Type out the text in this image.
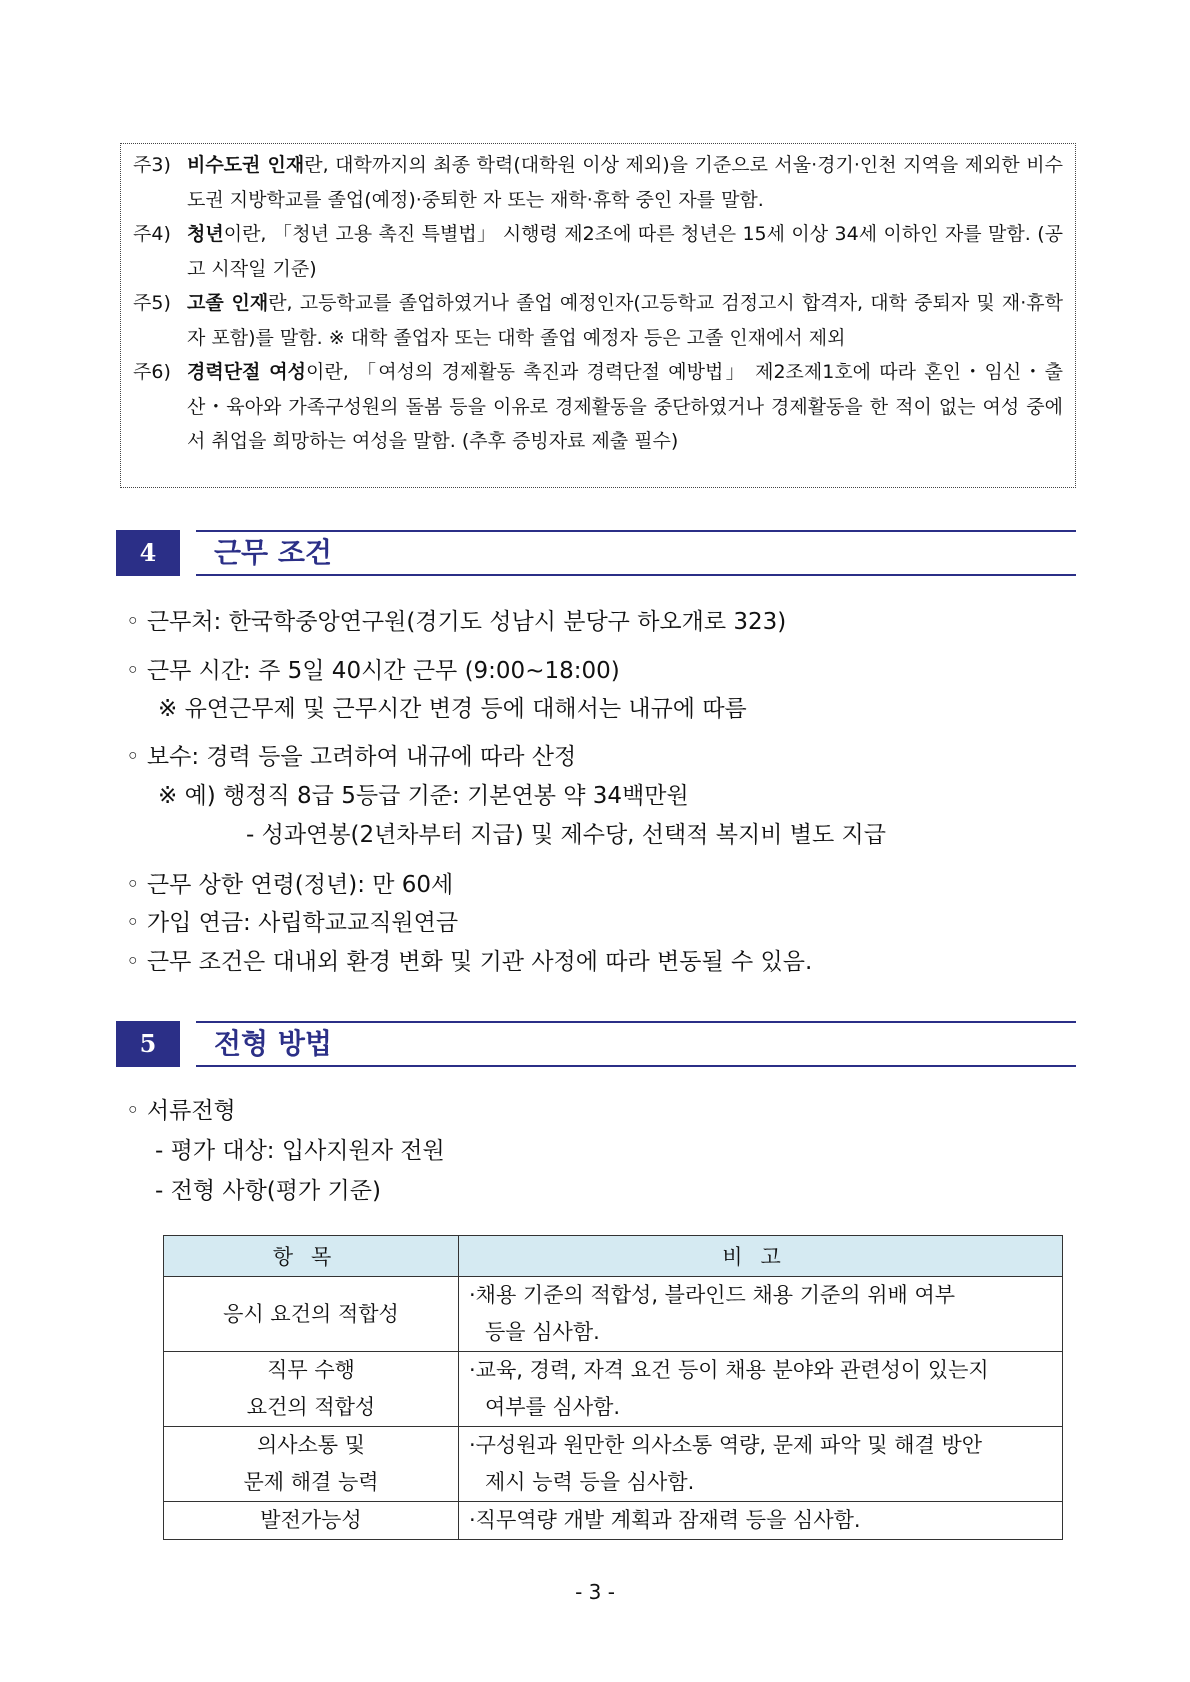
주3) 비수도권 인재란, 대학까지의 최종 학력(대학원 이상 제외)을 기준으로 서울·경기·인천 지역을 제외한 비수도권 지방학교를 졸업(예정)·중퇴한 자 또는 재학·휴학 중인 자를 말함.
주4) 청년이란, 「청년 고용 촉진 특별법」 시행령 제2조에 따른 청년은 15세 이상 34세 이하인 자를 말함. (공고 시작일 기준)
주5) 고졸 인재란, 고등학교를 졸업하였거나 졸업 예정인자(고등학교 검정고시 합격자, 대학 중퇴자 및 재·휴학자 포함)를 말함. ※ 대학 졸업자 또는 대학 졸업 예정자 등은 고졸 인재에서 제외
주6) 경력단절 여성이란, 「여성의 경제활동 촉진과 경력단절 예방법」 제2조제1호에 따라 혼인・임신・출산・육아와 가족구성원의 돌봄 등을 이유로 경제활동을 중단하였거나 경제활동을 한 적이 없는 여성 중에서 취업을 희망하는 여성을 말함. (추후 증빙자료 제출 필수)
4	근무 조건
◦ 근무처: 한국학중앙연구원(경기도 성남시 분당구 하오개로 323)
◦ 근무 시간: 주 5일 40시간 근무 (9:00~18:00)
※ 유연근무제 및 근무시간 변경 등에 대해서는 내규에 따름
◦ 보수: 경력 등을 고려하여 내규에 따라 산정
※ 예) 행정직 8급 5등급 기준: 기본연봉 약 34백만원
- 성과연봉(2년차부터 지급) 및 제수당, 선택적 복지비 별도 지급
◦ 근무 상한 연령(정년): 만 60세
◦ 가입 연금: 사립학교교직원연금
◦ 근무 조건은 대내외 환경 변화 및 기관 사정에 따라 변동될 수 있음.
5	전형 방법
◦ 서류전형
- 평가 대상: 입사지원자 전원
- 전형 사항(평가 기준)
항목	비고
응시 요건의 적합성	·채용 기준의 적합성, 블라인드 채용 기준의 위배 여부
등을 심사함.

직무 수행
요건의 적합성	·교육, 경력, 자격 요건 등이 채용 분야와 관련성이 있는지
여부를 심사함.

의사소통 및
문제 해결 능력	·구성원과 원만한 의사소통 역량, 문제 파악 및 해결 방안
제시 능력 등을 심사함.

발전가능성	·직무역량 개발 계획과 잠재력 등을 심사함.
- 3 -
